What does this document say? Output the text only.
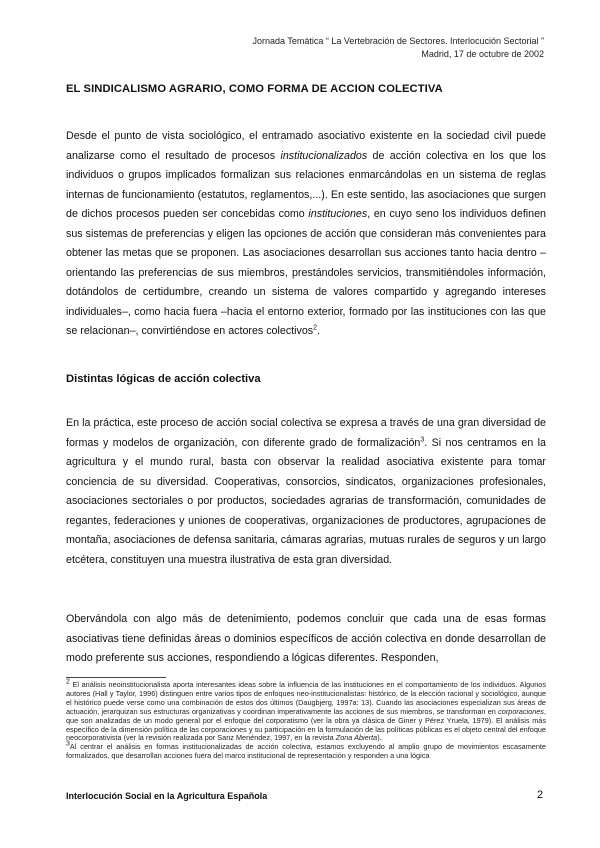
Jornada Temática “ La Vertebración de Sectores. Interlocución Sectorial ”
Madrid, 17 de octubre de 2002
EL SINDICALISMO AGRARIO, COMO FORMA DE ACCION COLECTIVA
Desde el punto de vista sociológico, el entramado asociativo existente en la sociedad civil puede analizarse como el resultado de procesos institucionalizados de acción colectiva en los que los individuos o grupos implicados formalizan sus relaciones enmarcándolas en un sistema de reglas internas de funcionamiento (estatutos, reglamentos,...). En este sentido, las asociaciones que surgen de dichos procesos pueden ser concebidas como instituciones, en cuyo seno los individuos definen sus sistemas de preferencias y eligen las opciones de acción que consideran más convenientes para obtener las metas que se proponen. Las asociaciones desarrollan sus acciones tanto hacia dentro –orientando las preferencias de sus miembros, prestándoles servicios, transmitiéndoles información, dotándolos de certidumbre, creando un sistema de valores compartido y agregando intereses individuales–, como hacia fuera –hacia el entorno exterior, formado por las instituciones con las que se relacionan–, convirtiéndose en actores colectivos$^2$.
Distintas lógicas de acción colectiva
En la práctica, este proceso de acción social colectiva se expresa a través de una gran diversidad de formas y modelos de organización, con diferente grado de formalización$^3$. Si nos centramos en la agricultura y el mundo rural, basta con observar la realidad asociativa existente para tomar conciencia de su diversidad. Cooperativas, consorcios, sindicatos, organizaciones profesionales, asociaciones sectoriales o por productos, sociedades agrarias de transformación, comunidades de regantes, federaciones y uniones de cooperativas, organizaciones de productores, agrupaciones de montaña, asociaciones de defensa sanitaria, cámaras agrarias, mutuas rurales de seguros y un largo etcétera, constituyen una muestra ilustrativa de esta gran diversidad.
Obervándola con algo más de detenimiento, podemos concluir que cada una de esas formas asociativas tiene definidas áreas o dominios específicos de acción colectiva en donde desarrollan de modo preferente sus acciones, respondiendo a lógicas diferentes. Responden,
$^2$ El análisis neoinstitucionalista aporta interesantes ideas sobre la influencia de las instituciones en el comportamiento de los individuos. Algunos autores (Hall y Taylor, 1996) distinguen entre varios tipos de enfoques neo-institucionalistas: histórico, de la elección racional y sociológico, aunque el histórico puede verse como una combinación de estos dos últimos (Daugbjerg, 1997a: 13). Cuando las asociaciones especializan sus áreas de actuación, jerarquizan sus estructuras organizativas y coordinan imperativamente las acciones de sus miembros, se transforman en corporaciones, que son analizadas de un modo general por el enfoque del corporatismo (ver la obra ya clásica de Giner y Pérez Yruela, 1979). El análisis más específico de la dimensión política de las corporaciones y su participación en la formulación de las políticas públicas es el objeto central del enfoque neocorporativista (ver la revisión realizada por Sanz Menéndez, 1997, en la revista Zona Abierta).
$^3$Al centrar el análisis en formas institucionalizadas de acción colectiva, estamos excluyendo al amplio grupo de movimientos escasamente formalizados, que desarrollan acciones fuera del marco institucional de representación y responden a una lógica
Interlocución Social en la Agricultura Española	2
